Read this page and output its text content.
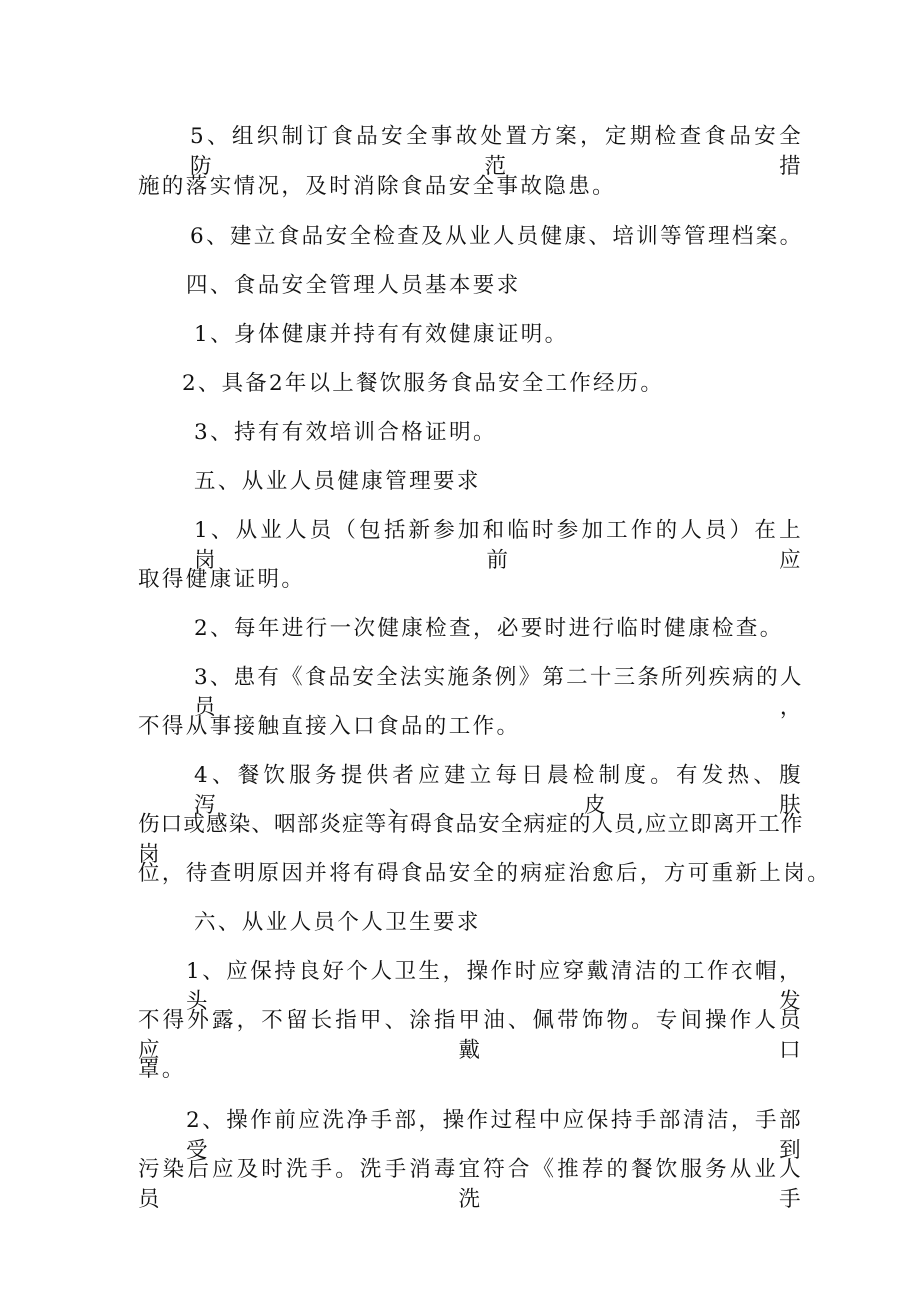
5、组织制订食品安全事故处置方案，定期检查食品安全防范措
施的落实情况，及时消除食品安全事故隐患。
6、建立食品安全检查及从业人员健康、培训等管理档案。
四、食品安全管理人员基本要求
1、身体健康并持有有效健康证明。
2、具备2年以上餐饮服务食品安全工作经历。
3、持有有效培训合格证明。
五、从业人员健康管理要求
1、从业人员（包括新参加和临时参加工作的人员）在上岗前应
取得健康证明。
2、每年进行一次健康检查，必要时进行临时健康检查。
3、患有《食品安全法实施条例》第二十三条所列疾病的人员，
不得从事接触直接入口食品的工作。
4、餐饮服务提供者应建立每日晨检制度。有发热、腹泻、皮肤
伤口或感染、咽部炎症等有碍食品安全病症的人员,应立即离开工作岗
位，待查明原因并将有碍食品安全的病症治愈后，方可重新上岗。
六、从业人员个人卫生要求
1、应保持良好个人卫生，操作时应穿戴清洁的工作衣帽，头发
不得外露，不留长指甲、涂指甲油、佩带饰物。专间操作人员应戴口
罩。
2、操作前应洗净手部，操作过程中应保持手部清洁，手部受到
污染后应及时洗手。洗手消毒宜符合《推荐的餐饮服务从业人员洗手
